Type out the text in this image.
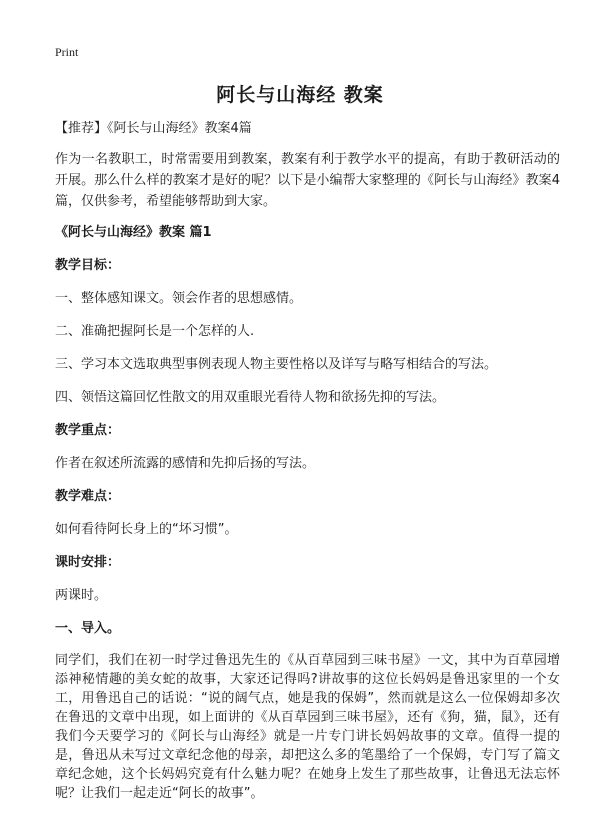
Print
阿长与山海经 教案

【推荐】《阿长与山海经》教案4篇

作为一名教职工，时常需要用到教案，教案有利于教学水平的提高，有助于教研活动的开展。那么什么样的教案才是好的呢？以下是小编帮大家整理的《阿长与山海经》教案4篇，仅供参考，希望能够帮助到大家。

《阿长与山海经》教案 篇1

教学目标：

一、整体感知课文。领会作者的思想感情。

二、准确把握阿长是一个怎样的人.

三、学习本文选取典型事例表现人物主要性格以及详写与略写相结合的写法。

四、领悟这篇回忆性散文的用双重眼光看待人物和欲扬先抑的写法。

教学重点：

作者在叙述所流露的感情和先抑后扬的写法。

教学难点：

如何看待阿长身上的“坏习惯”。

课时安排：

两课时。

一、导入。

同学们，我们在初一时学过鲁迅先生的《从百草园到三味书屋》一文，其中为百草园增添神秘情趣的美女蛇的故事，大家还记得吗?讲故事的这位长妈妈是鲁迅家里的一个女工，用鲁迅自己的话说：“说的阔气点，她是我的保姆”，然而就是这么一位保姆却多次在鲁迅的文章中出现，如上面讲的《从百草园到三味书屋》，还有《狗，猫，鼠》，还有我们今天要学习的《阿长与山海经》就是一片专门讲长妈妈故事的文章。值得一提的是，鲁迅从未写过文章纪念他的母亲，却把这么多的笔墨给了一个保姆，专门写了篇文章纪念她，这个长妈妈究竟有什么魅力呢？在她身上发生了那些故事，让鲁迅无法忘怀呢？让我们一起走近“阿长的故事”。
